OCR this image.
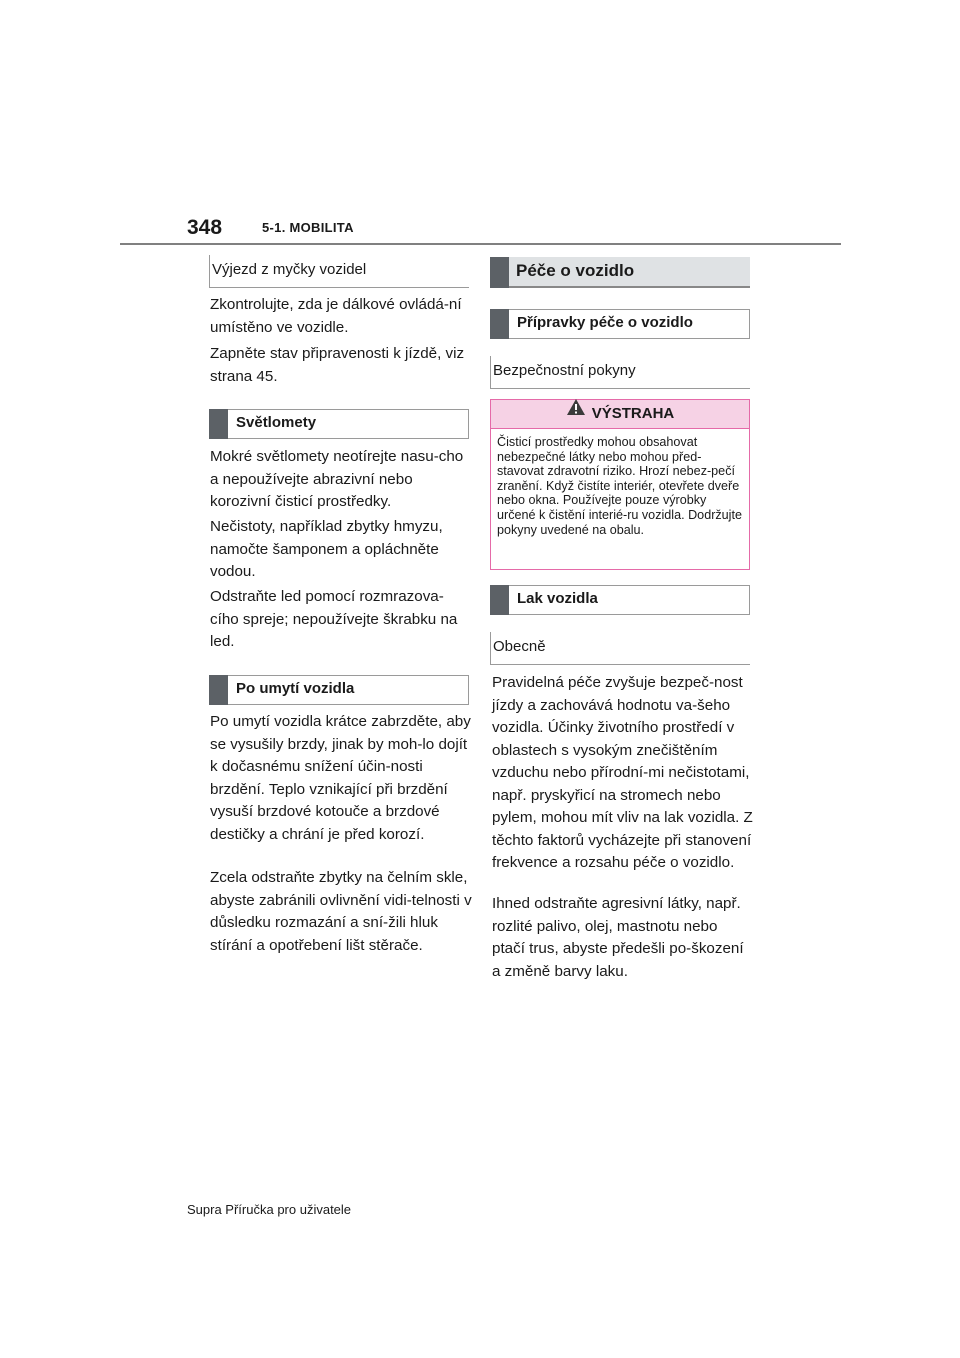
348	5-1. MOBILITA
Výjezd z myčky vozidel

Zkontrolujte, zda je dálkové ovládá-ní umístěno ve vozidle.

Zapněte stav připravenosti k jízdě, viz strana 45.

Světlomety

Mokré světlomety neotírejte nasu-cho a nepoužívejte abrazivní nebo korozivní čisticí prostředky.

Nečistoty, například zbytky hmyzu, namočte šamponem a opláchněte vodou.

Odstraňte led pomocí rozmrazova-cího spreje; nepoužívejte škrabku na led.

Po umytí vozidla

Po umytí vozidla krátce zabrzděte, aby se vysušily brzdy, jinak by moh-lo dojít k dočasnému snížení účin-nosti brzdění. Teplo vznikající při brzdění vysuší brzdové kotouče a brzdové destičky a chrání je před korozí.

Zcela odstraňte zbytky na čelním skle, abyste zabránili ovlivnění vidi-telnosti v důsledku rozmazání a sní-žili hluk stírání a opotřebení lišt stěrače.

Péče o vozidlo
Přípravky péče o vozidlo
Bezpečnostní pokyny
VÝSTRAHA

Čisticí prostředky mohou obsahovat nebezpečné látky nebo mohou před-stavovat zdravotní riziko. Hrozí nebez-pečí zranění. Když čistíte interiér, otevřete dveře nebo okna. Používejte pouze výrobky určené k čistění interié-ru vozidla. Dodržujte pokyny uvedené na obalu.

Lak vozidla
Obecně

Pravidelná péče zvyšuje bezpeč-nost jízdy a zachovává hodnotu va-šeho vozidla. Účinky životního prostředí v oblastech s vysokým znečištěním vzduchu nebo přírodní-mi nečistotami, např. pryskyřicí na stromech nebo pylem, mohou mít vliv na lak vozidla. Z těchto faktorů vycházejte při stanovení frekvence a rozsahu péče o vozidlo.

Ihned odstraňte agresivní látky, např. rozlité palivo, olej, mastnotu nebo ptačí trus, abyste předešli po-škození a změně barvy laku.

Supra Příručka pro uživatele
